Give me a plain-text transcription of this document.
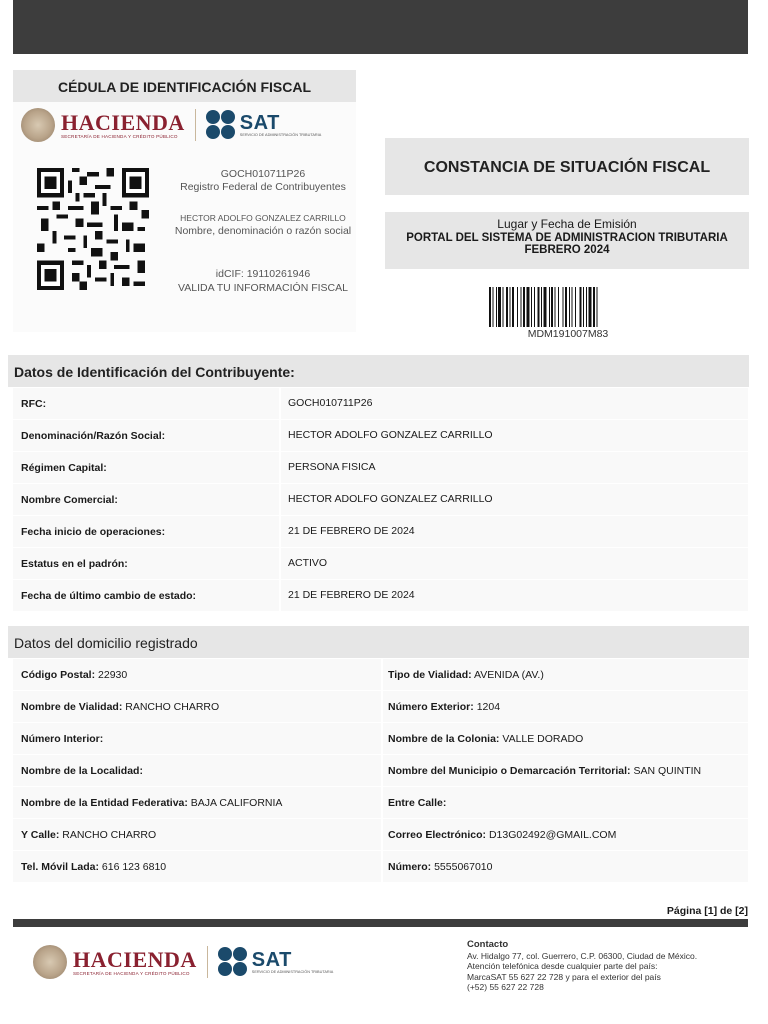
CÉDULA DE IDENTIFICACIÓN FISCAL
HACIENDA
SECRETARÍA DE HACIENDA Y CRÉDITO PÚBLICO
SAT
SERVICIO DE ADMINISTRACIÓN TRIBUTARIA
GOCH010711P26
Registro Federal de Contribuyentes
HECTOR ADOLFO GONZALEZ CARRILLO
Nombre, denominación o razón social
idCIF: 19110261946
VALIDA TU INFORMACIÓN FISCAL
CONSTANCIA DE SITUACIÓN FISCAL
Lugar y Fecha de Emisión
PORTAL DEL SISTEMA DE ADMINISTRACION TRIBUTARIA
FEBRERO 2024
MDM191007M83
Datos de Identificación del Contribuyente:
RFC:	GOCH010711P26
Denominación/Razón Social:	HECTOR ADOLFO GONZALEZ CARRILLO
Régimen Capital:	PERSONA FISICA
Nombre Comercial:	HECTOR ADOLFO GONZALEZ CARRILLO
Fecha inicio de operaciones:	21 DE FEBRERO DE 2024
Estatus en el padrón:	ACTIVO
Fecha de último cambio de estado:	21 DE FEBRERO DE 2024
Datos del domicilio registrado
Código Postal: 22930	Tipo de Vialidad: AVENIDA (AV.)
Nombre de Vialidad: RANCHO CHARRO	Número Exterior: 1204
Número Interior:	Nombre de la Colonia: VALLE DORADO
Nombre de la Localidad:	Nombre del Municipio o Demarcación Territorial: SAN QUINTIN
Nombre de la Entidad Federativa: BAJA CALIFORNIA	Entre Calle:
Y Calle: RANCHO CHARRO	Correo Electrónico: D13G02492@GMAIL.COM
Tel. Móvil Lada: 616 123 6810	Número: 5555067010
Página [1] de [2]
HACIENDA
SECRETARÍA DE HACIENDA Y CRÉDITO PÚBLICO
SAT
SERVICIO DE ADMINISTRACIÓN TRIBUTARIA
Contacto
Av. Hidalgo 77, col. Guerrero, C.P. 06300, Ciudad de México.
Atención telefónica desde cualquier parte del país:
MarcaSAT 55 627 22 728 y para el exterior del país
(+52) 55 627 22 728
